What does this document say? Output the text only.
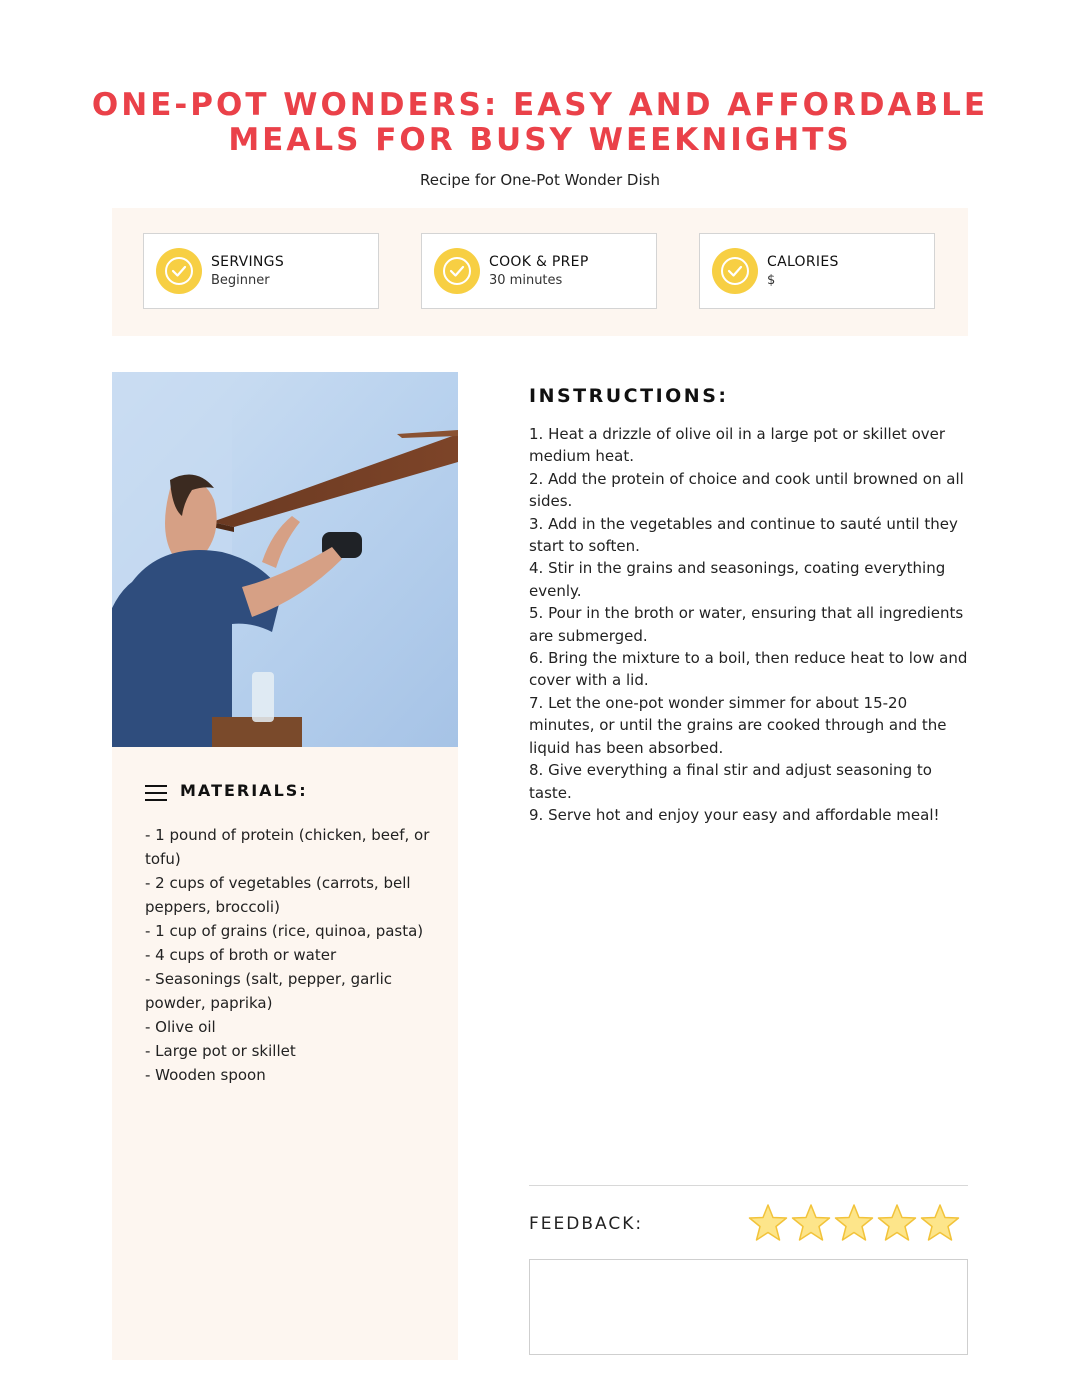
ONE-POT WONDERS: EASY AND AFFORDABLE MEALS FOR BUSY WEEKNIGHTS
Recipe for One-Pot Wonder Dish
SERVINGS
Beginner
COOK & PREP
30 minutes
CALORIES
$
MATERIALS:
- 1 pound of protein (chicken, beef, or tofu)
- 2 cups of vegetables (carrots, bell peppers, broccoli)
- 1 cup of grains (rice, quinoa, pasta)
- 4 cups of broth or water
- Seasonings (salt, pepper, garlic powder, paprika)
- Olive oil
- Large pot or skillet
- Wooden spoon
INSTRUCTIONS:
1. Heat a drizzle of olive oil in a large pot or skillet over medium heat.
2. Add the protein of choice and cook until browned on all sides.
3. Add in the vegetables and continue to sauté until they start to soften.
4. Stir in the grains and seasonings, coating everything evenly.
5. Pour in the broth or water, ensuring that all ingredients are submerged.
6. Bring the mixture to a boil, then reduce heat to low and cover with a lid.
7. Let the one-pot wonder simmer for about 15-20 minutes, or until the grains are cooked through and the liquid has been absorbed.
8. Give everything a final stir and adjust seasoning to taste.
9. Serve hot and enjoy your easy and affordable meal!
FEEDBACK:
